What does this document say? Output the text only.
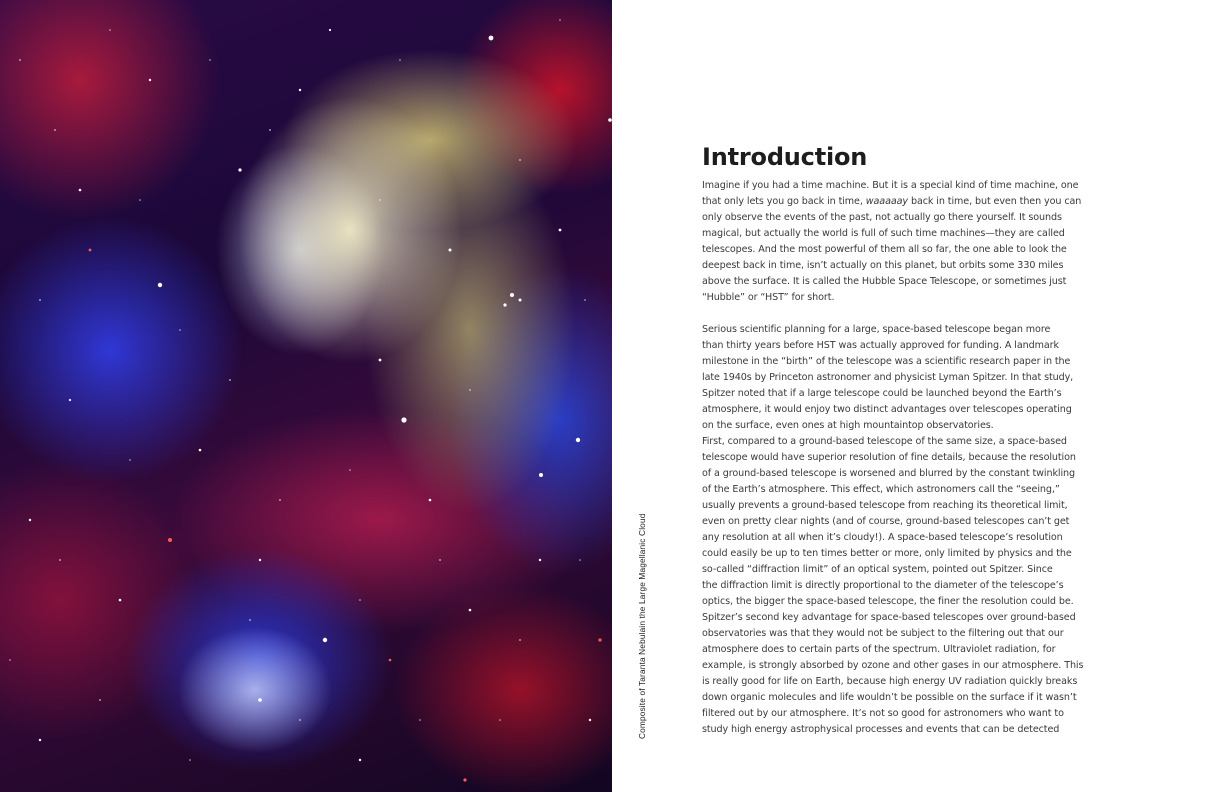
Composite of Taranta Nebulain the Large Magellanic Cloud
Introduction

Imagine if you had a time machine. But it is a special kind of time machine, one
that only lets you go back in time, waaaaay back in time, but even then you can
only observe the events of the past, not actually go there yourself. It sounds
magical, but actually the world is full of such time machines—they are called
telescopes. And the most powerful of them all so far, the one able to look the
deepest back in time, isn’t actually on this planet, but orbits some 330 miles
above the surface. It is called the Hubble Space Telescope, or sometimes just
“Hubble” or “HST” for short.

Serious scientific planning for a large, space-based telescope began more
than thirty years before HST was actually approved for funding. A landmark
milestone in the “birth” of the telescope was a scientific research paper in the
late 1940s by Princeton astronomer and physicist Lyman Spitzer. In that study,
Spitzer noted that if a large telescope could be launched beyond the Earth’s
atmosphere, it would enjoy two distinct advantages over telescopes operating
on the surface, even ones at high mountaintop observatories.

First, compared to a ground-based telescope of the same size, a space-based
telescope would have superior resolution of fine details, because the resolution
of a ground-based telescope is worsened and blurred by the constant twinkling
of the Earth’s atmosphere. This effect, which astronomers call the “seeing,”
usually prevents a ground-based telescope from reaching its theoretical limit,
even on pretty clear nights (and of course, ground-based telescopes can’t get
any resolution at all when it’s cloudy!). A space-based telescope’s resolution
could easily be up to ten times better or more, only limited by physics and the
so-called “diffraction limit” of an optical system, pointed out Spitzer. Since
the diffraction limit is directly proportional to the diameter of the telescope’s
optics, the bigger the space-based telescope, the finer the resolution could be.
Spitzer’s second key advantage for space-based telescopes over ground-based
observatories was that they would not be subject to the filtering out that our
atmosphere does to certain parts of the spectrum. Ultraviolet radiation, for
example, is strongly absorbed by ozone and other gases in our atmosphere. This
is really good for life on Earth, because high energy UV radiation quickly breaks
down organic molecules and life wouldn’t be possible on the surface if it wasn’t
filtered out by our atmosphere. It’s not so good for astronomers who want to
study high energy astrophysical processes and events that can be detected
